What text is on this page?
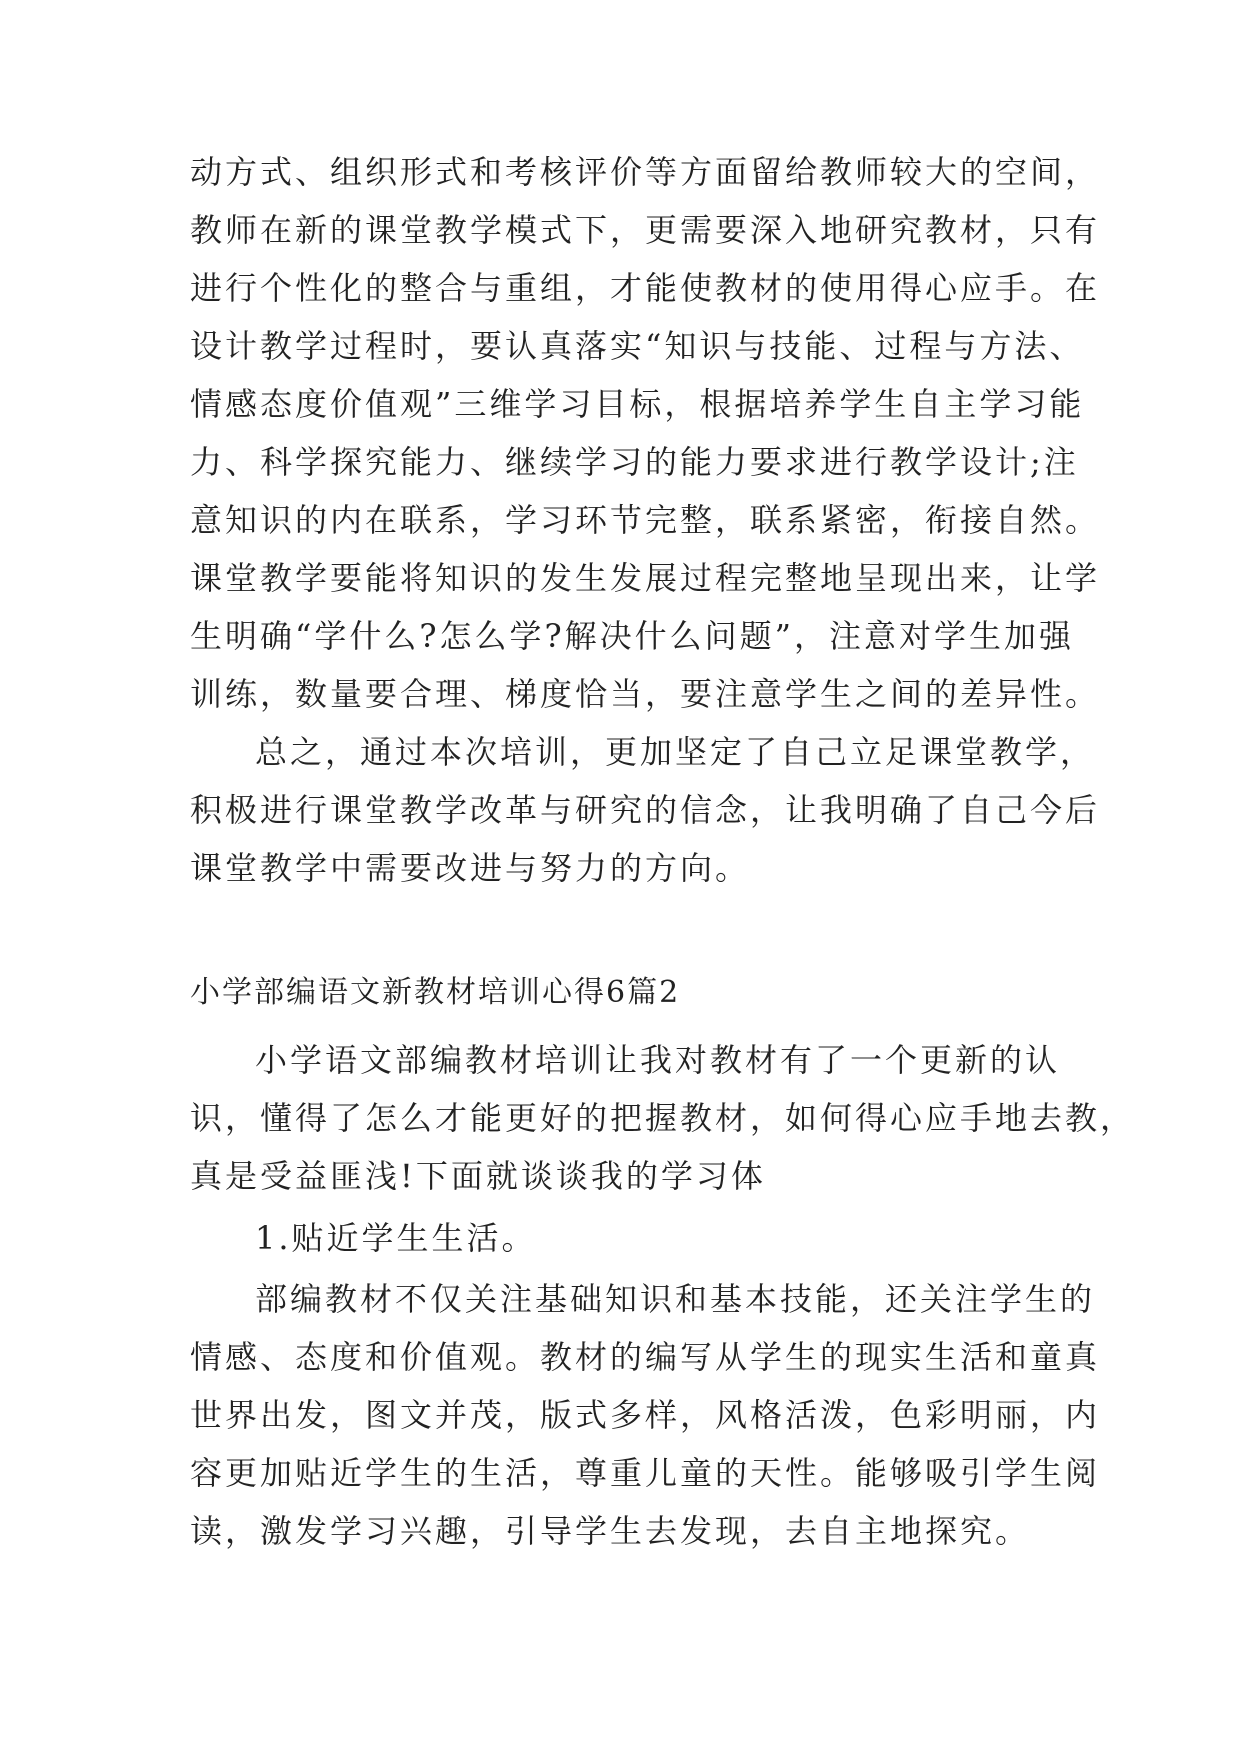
动方式、组织形式和考核评价等方面留给教师较大的空间，
教师在新的课堂教学模式下，更需要深入地研究教材，只有
进行个性化的整合与重组，才能使教材的使用得心应手。在
设计教学过程时，要认真落实“知识与技能、过程与方法、
情感态度价值观”三维学习目标，根据培养学生自主学习能
力、科学探究能力、继续学习的能力要求进行教学设计;注
意知识的内在联系，学习环节完整，联系紧密，衔接自然。
课堂教学要能将知识的发生发展过程完整地呈现出来，让学
生明确“学什么?怎么学?解决什么问题”，注意对学生加强
训练，数量要合理、梯度恰当，要注意学生之间的差异性。
总之，通过本次培训，更加坚定了自己立足课堂教学，
积极进行课堂教学改革与研究的信念，让我明确了自己今后
课堂教学中需要改进与努力的方向。
小学部编语文新教材培训心得6篇2
小学语文部编教材培训让我对教材有了一个更新的认
识，懂得了怎么才能更好的把握教材，如何得心应手地去教，
真是受益匪浅!下面就谈谈我的学习体
1.贴近学生生活。
部编教材不仅关注基础知识和基本技能，还关注学生的
情感、态度和价值观。教材的编写从学生的现实生活和童真
世界出发，图文并茂，版式多样，风格活泼，色彩明丽，内
容更加贴近学生的生活，尊重儿童的天性。能够吸引学生阅
读，激发学习兴趣，引导学生去发现，去自主地探究。
